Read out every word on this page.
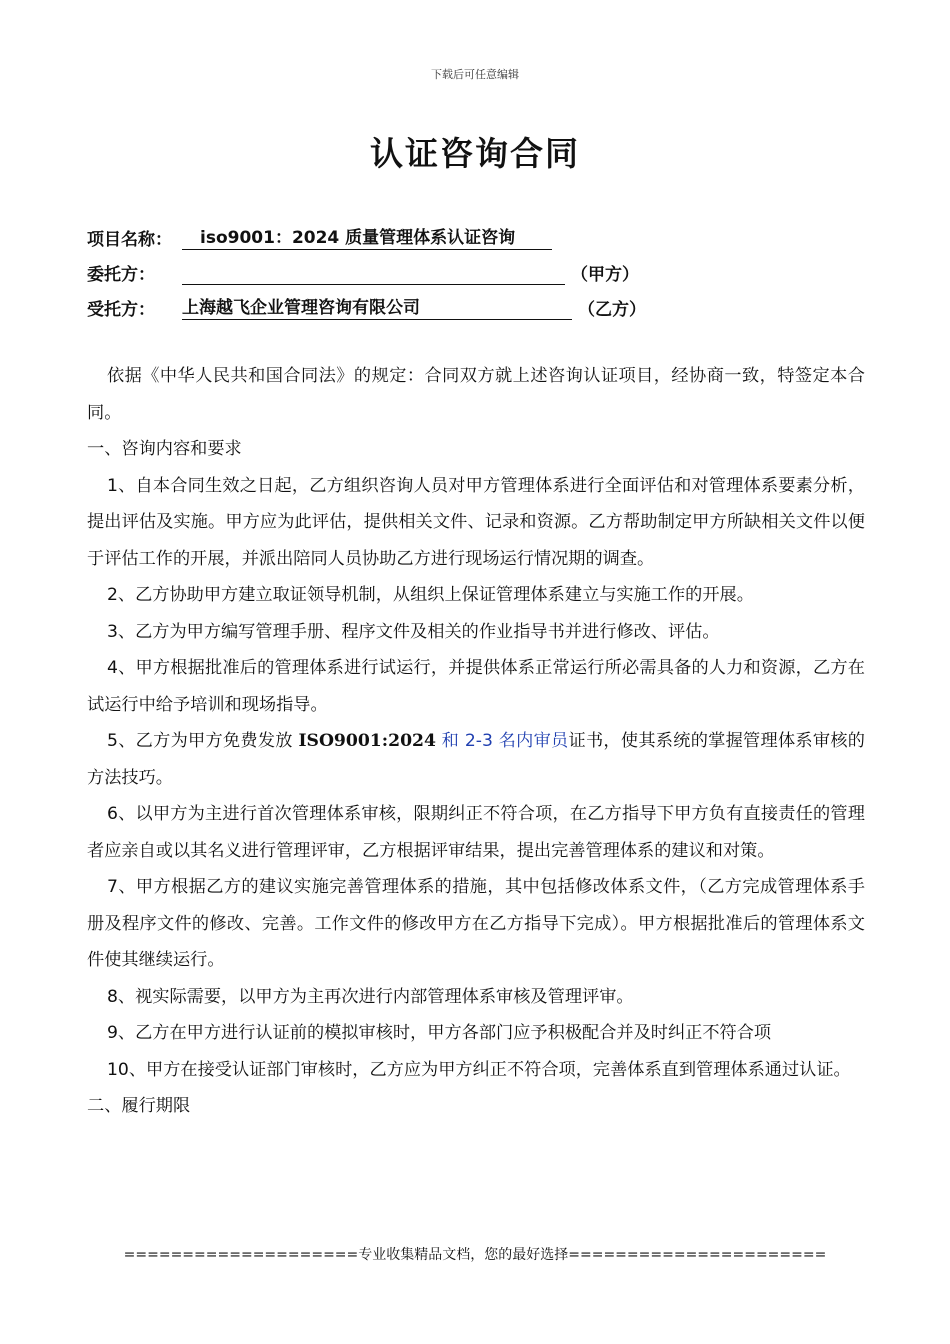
下载后可任意编辑
认证咨询合同
项目名称：	iso9001：2024 质量管理体系认证咨询
委托方：	（甲方）
受托方：	上海越飞企业管理咨询有限公司	（乙方）

依据《中华人民共和国合同法》的规定：合同双方就上述咨询认证项目，经协商一致，特签定本合同。

一、咨询内容和要求

1、自本合同生效之日起，乙方组织咨询人员对甲方管理体系进行全面评估和对管理体系要素分析，提出评估及实施。甲方应为此评估，提供相关文件、记录和资源。乙方帮助制定甲方所缺相关文件以便于评估工作的开展，并派出陪同人员协助乙方进行现场运行情况期的调查。

2、乙方协助甲方建立取证领导机制，从组织上保证管理体系建立与实施工作的开展。

3、乙方为甲方编写管理手册、程序文件及相关的作业指导书并进行修改、评估。

4、甲方根据批准后的管理体系进行试运行，并提供体系正常运行所必需具备的人力和资源，乙方在试运行中给予培训和现场指导。

5、乙方为甲方免费发放 ISO9001:2024 和 2-3 名内审员证书，使其系统的掌握管理体系审核的方法技巧。

6、以甲方为主进行首次管理体系审核，限期纠正不符合项，在乙方指导下甲方负有直接责任的管理者应亲自或以其名义进行管理评审，乙方根据评审结果，提出完善管理体系的建议和对策。

7、甲方根据乙方的建议实施完善管理体系的措施，其中包括修改体系文件，（乙方完成管理体系手册及程序文件的修改、完善。工作文件的修改甲方在乙方指导下完成）。甲方根据批准后的管理体系文件使其继续运行。

8、视实际需要，以甲方为主再次进行内部管理体系审核及管理评审。

9、乙方在甲方进行认证前的模拟审核时，甲方各部门应予积极配合并及时纠正不符合项

10、甲方在接受认证部门审核时，乙方应为甲方纠正不符合项，完善体系直到管理体系通过认证。

二、履行期限

====================专业收集精品文档，您的最好选择======================
